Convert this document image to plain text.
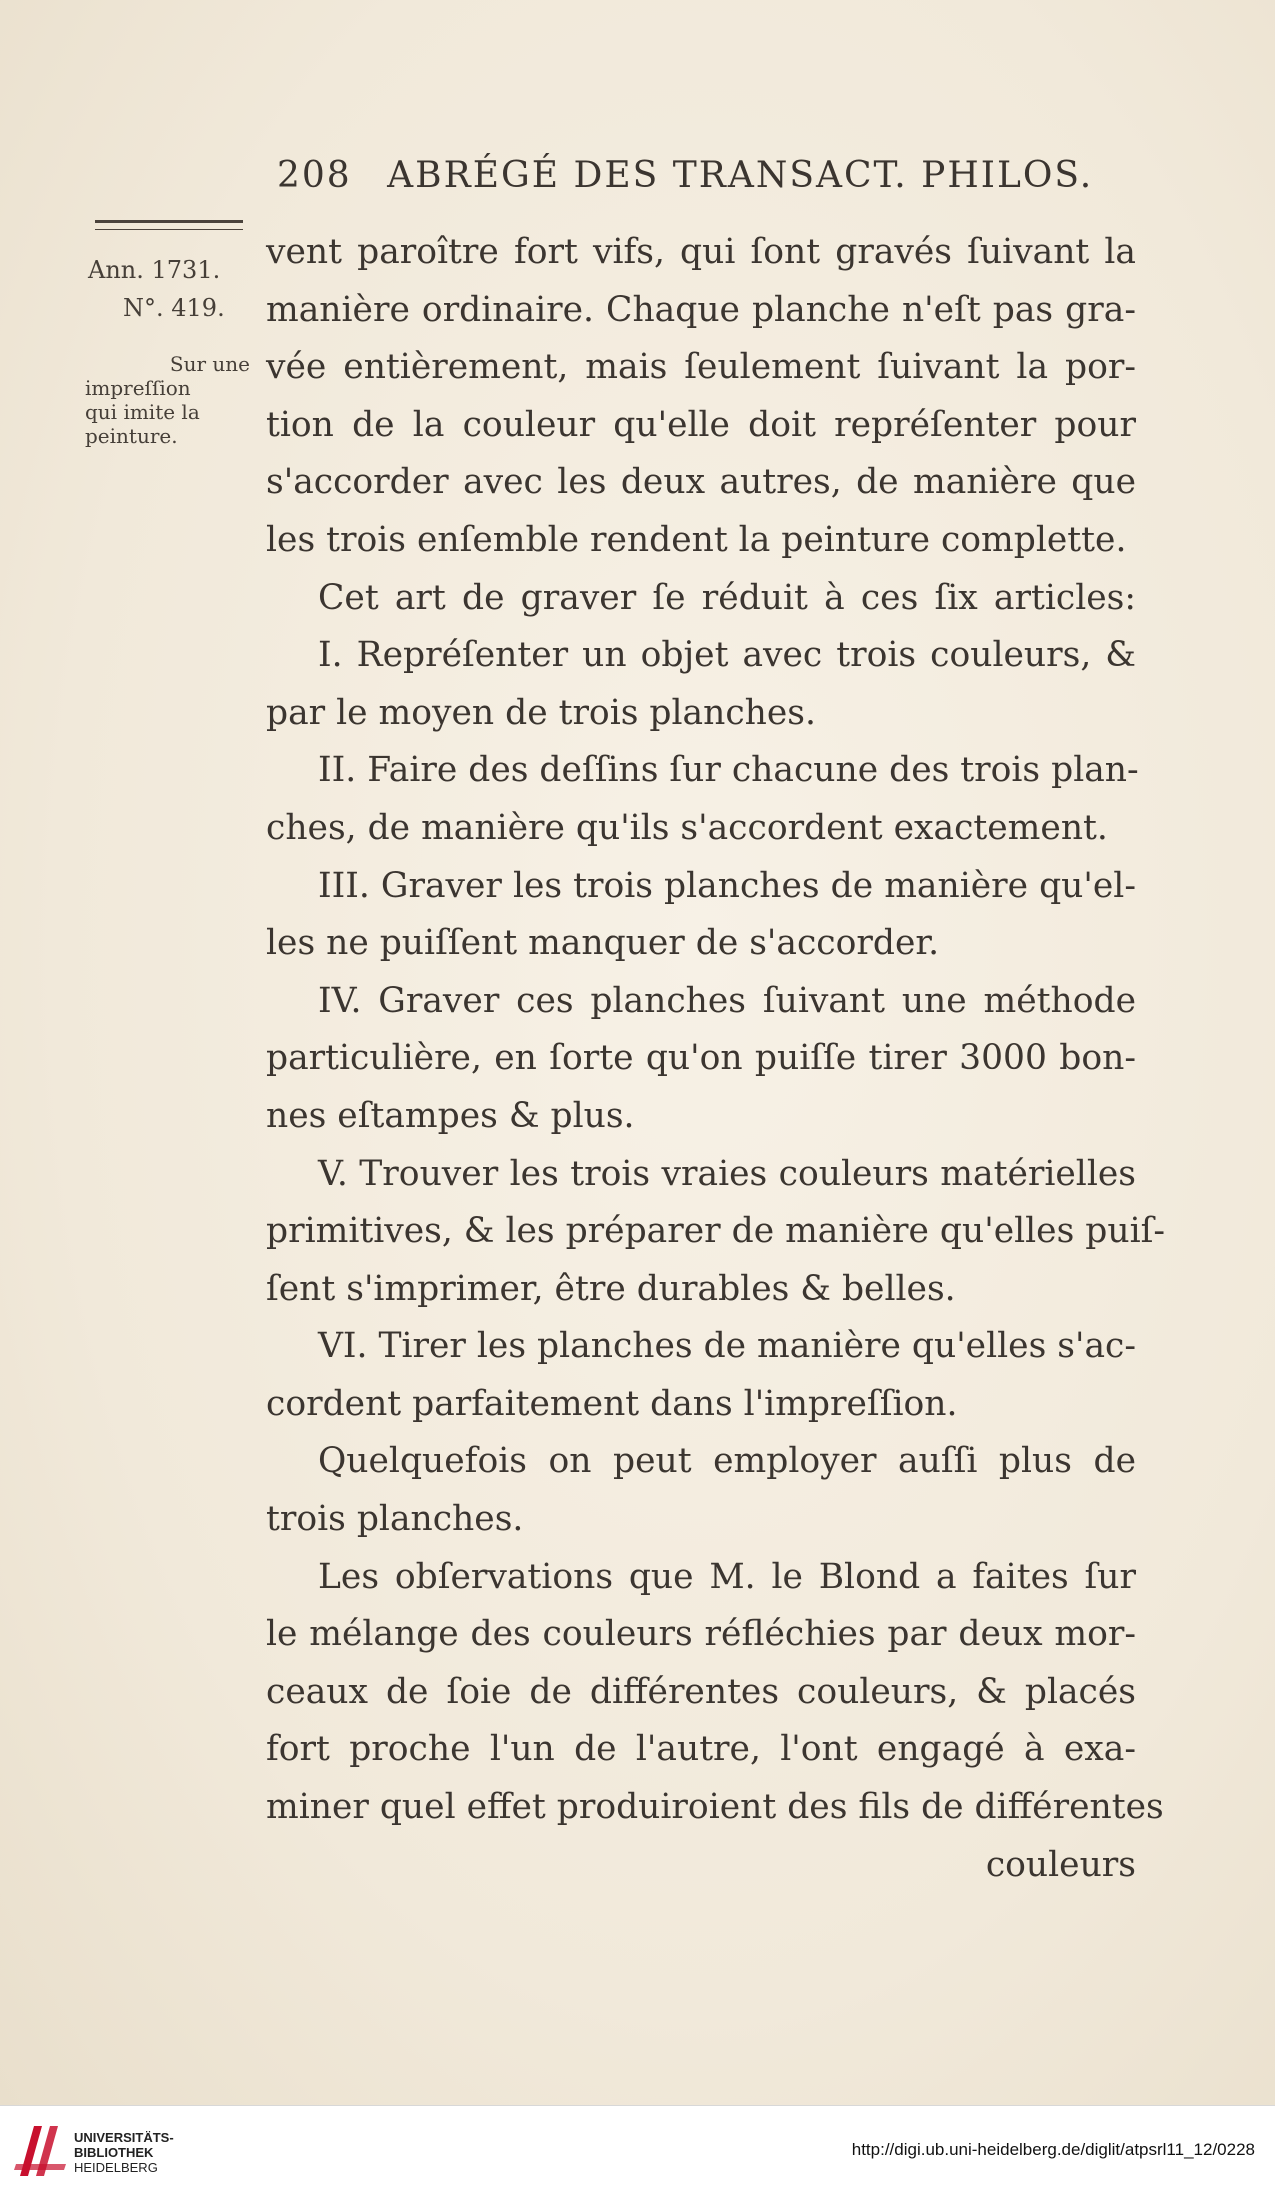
208 ABRÉGÉ DES TRANSACT. PHILOS.
Ann. 1731.
N°. 419.
Sur une
impreſſion
qui imite la
peinture.
vent paroître fort vifs, qui ſont gravés ſuivant la
manière ordinaire. Chaque planche n'eſt pas gra-
vée entièrement, mais ſeulement ſuivant la por-
tion de la couleur qu'elle doit repréſenter pour
s'accorder avec les deux autres, de manière que
les trois enſemble rendent la peinture complette.
Cet art de graver ſe réduit à ces ſix articles:
I. Repréſenter un objet avec trois couleurs, &
par le moyen de trois planches.
II. Faire des deſſins ſur chacune des trois plan-
ches, de manière qu'ils s'accordent exactement.
III. Graver les trois planches de manière qu'el-
les ne puiſſent manquer de s'accorder.
IV. Graver ces planches ſuivant une méthode
particulière, en ſorte qu'on puiſſe tirer 3000 bon-
nes eſtampes & plus.
V. Trouver les trois vraies couleurs matérielles
primitives, & les préparer de manière qu'elles puiſ-
ſent s'imprimer, être durables & belles.
VI. Tirer les planches de manière qu'elles s'ac-
cordent parfaitement dans l'impreſſion.
Quelquefois on peut employer auſſi plus de
trois planches.
Les obſervations que M. le Blond a faites ſur
le mélange des couleurs réfléchies par deux mor-
ceaux de ſoie de différentes couleurs, & placés
fort proche l'un de l'autre, l'ont engagé à exa-
miner quel effet produiroient des fils de différentes
couleurs
UNIVERSITÄTS-
BIBLIOTHEK
HEIDELBERG
http://digi.ub.uni-heidelberg.de/diglit/atpsrl11_12/0228
